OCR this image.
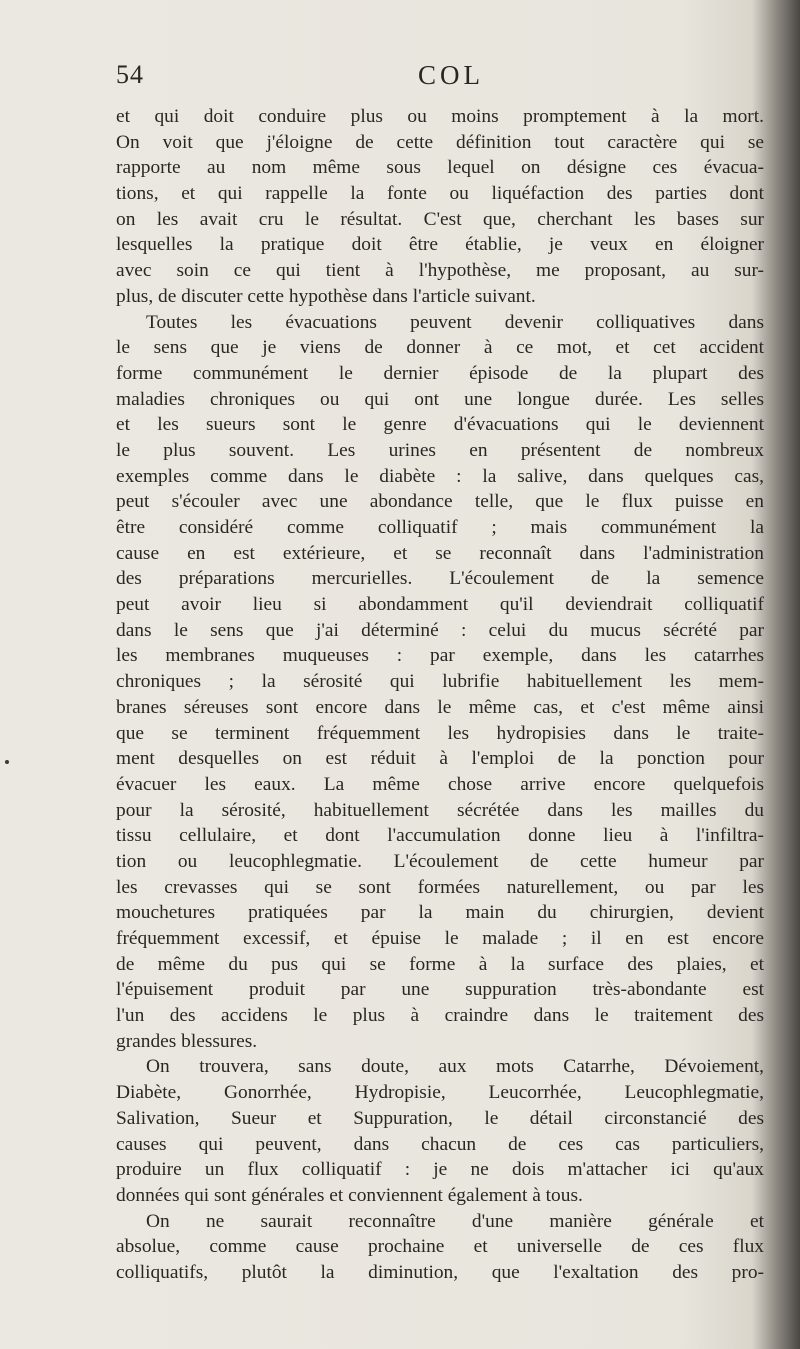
54	COL
et qui doit conduire plus ou moins promptement à la mort.
On voit que j'éloigne de cette définition tout caractère qui se
rapporte au nom même sous lequel on désigne ces évacua-
tions, et qui rappelle la fonte ou liquéfaction des parties dont
on les avait cru le résultat. C'est que, cherchant les bases sur
lesquelles la pratique doit être établie, je veux en éloigner
avec soin ce qui tient à l'hypothèse, me proposant, au sur-
plus, de discuter cette hypothèse dans l'article suivant.
Toutes les évacuations peuvent devenir colliquatives dans
le sens que je viens de donner à ce mot, et cet accident
forme communément le dernier épisode de la plupart des
maladies chroniques ou qui ont une longue durée. Les selles
et les sueurs sont le genre d'évacuations qui le deviennent
le plus souvent. Les urines en présentent de nombreux
exemples comme dans le diabète : la salive, dans quelques cas,
peut s'écouler avec une abondance telle, que le flux puisse en
être considéré comme colliquatif ; mais communément la
cause en est extérieure, et se reconnaît dans l'administration
des préparations mercurielles. L'écoulement de la semence
peut avoir lieu si abondamment qu'il deviendrait colliquatif
dans le sens que j'ai déterminé : celui du mucus sécrété par
les membranes muqueuses : par exemple, dans les catarrhes
chroniques ; la sérosité qui lubrifie habituellement les mem-
branes séreuses sont encore dans le même cas, et c'est même ainsi
que se terminent fréquemment les hydropisies dans le traite-
ment desquelles on est réduit à l'emploi de la ponction pour
évacuer les eaux. La même chose arrive encore quelquefois
pour la sérosité, habituellement sécrétée dans les mailles du
tissu cellulaire, et dont l'accumulation donne lieu à l'infiltra-
tion ou leucophlegmatie. L'écoulement de cette humeur par
les crevasses qui se sont formées naturellement, ou par les
mouchetures pratiquées par la main du chirurgien, devient
fréquemment excessif, et épuise le malade ; il en est encore
de même du pus qui se forme à la surface des plaies, et
l'épuisement produit par une suppuration très-abondante est
l'un des accidens le plus à craindre dans le traitement des
grandes blessures.
On trouvera, sans doute, aux mots Catarrhe, Dévoiement,
Diabète, Gonorrhée, Hydropisie, Leucorrhée, Leucophlegmatie,
Salivation, Sueur et Suppuration, le détail circonstancié des
causes qui peuvent, dans chacun de ces cas particuliers,
produire un flux colliquatif : je ne dois m'attacher ici qu'aux
données qui sont générales et conviennent également à tous.
On ne saurait reconnaître d'une manière générale et
absolue, comme cause prochaine et universelle de ces flux
colliquatifs, plutôt la diminution, que l'exaltation des pro-
